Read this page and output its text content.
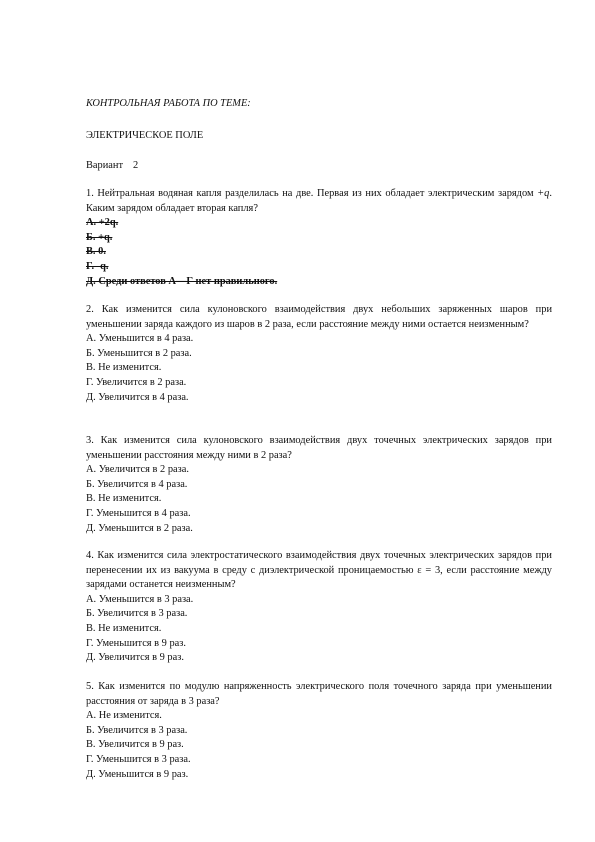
КОНТРОЛЬНАЯ РАБОТА ПО ТЕМЕ:
ЭЛЕКТРИЧЕСКОЕ ПОЛЕ
Вариант 2

1. Нейтральная водяная капля разделилась на две. Первая из них обладает электрическим зарядом +q. Каким зарядом обладает вторая капля?

А. +2q.
Б. +q.
В. 0.
Г. -q.
Д. Среди ответов А—Г нет правильного.

2. Как изменится сила кулоновского взаимодействия двух небольших заряженных шаров при уменьшении заряда каждого из шаров в 2 раза, если расстояние между ними остается неизменным?

А. Уменьшится в 4 раза.
Б. Уменьшится в 2 раза.
В. Не изменится.
Г. Увеличится в 2 раза.
Д. Увеличится в 4 раза.

3. Как изменится сила кулоновского взаимодействия двух точечных электрических зарядов при уменьшении расстояния между ними в 2 раза?

А. Увеличится в 2 раза.
Б. Увеличится в 4 раза.
В. Не изменится.
Г. Уменьшится в 4 раза.
Д. Уменьшится в 2 раза.

4. Как изменится сила электростатического взаимодействия двух точечных электрических зарядов при перенесении их из вакуума в среду с диэлектрической проницаемостью ε = 3, если расстояние между зарядами останется неизменным?

А. Уменьшится в 3 раза.
Б. Увеличится в 3 раза.
В. Не изменится.
Г. Уменьшится в 9 раз.
Д. Увеличится в 9 раз.

5. Как изменится по модулю напряженность электрического поля точечного заряда при уменьшении расстояния от заряда в 3 раза?

А. Не изменится.
Б. Увеличится в 3 раза.
В. Увеличится в 9 раз.
Г. Уменьшится в 3 раза.
Д. Уменьшится в 9 раз.
